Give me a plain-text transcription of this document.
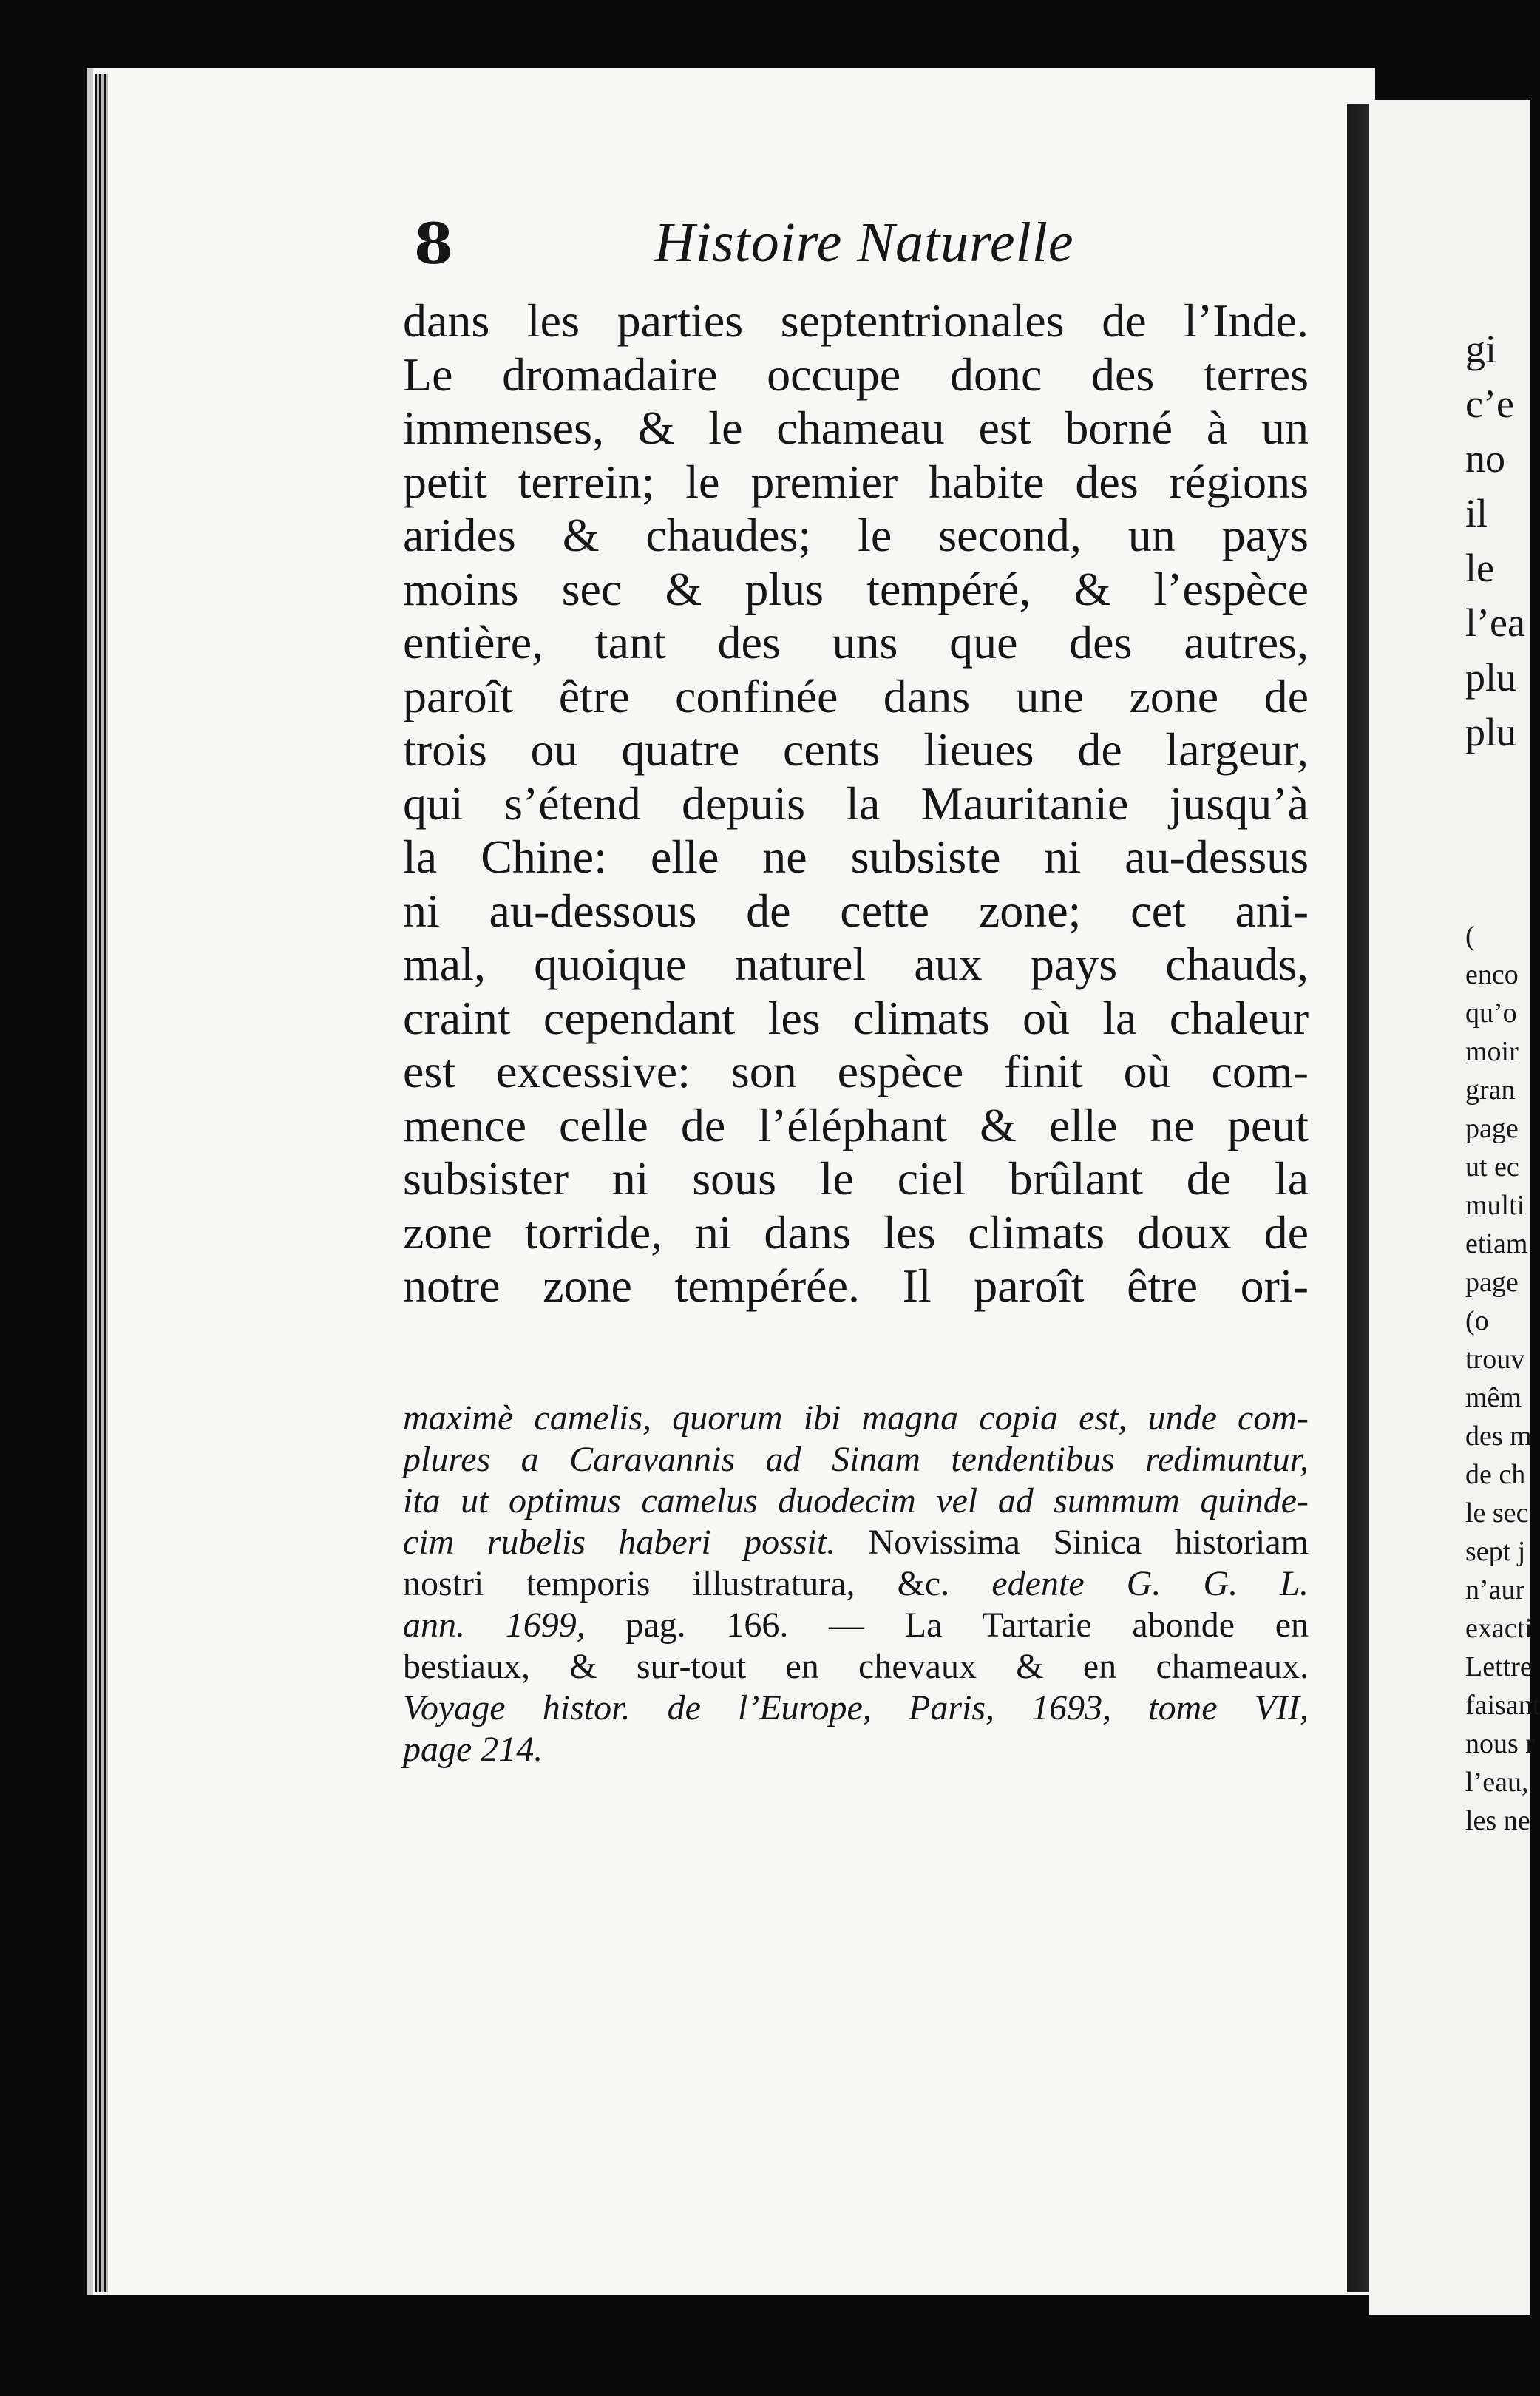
8	Histoire Naturelle
dans les parties septentrionales de l’Inde.
Le dromadaire occupe donc des terres
immenses, & le chameau est borné à un
petit terrein; le premier habite des régions
arides & chaudes; le second, un pays
moins sec & plus tempéré, & l’espèce
entière, tant des uns que des autres,
paroît être confinée dans une zone de
trois ou quatre cents lieues de largeur,
qui s’étend depuis la Mauritanie jusqu’à
la Chine: elle ne subsiste ni au-dessus
ni au-dessous de cette zone; cet ani-
mal, quoique naturel aux pays chauds,
craint cependant les climats où la chaleur
est excessive: son espèce finit où com-
mence celle de l’éléphant & elle ne peut
subsister ni sous le ciel brûlant de la
zone torride, ni dans les climats doux de
notre zone tempérée. Il paroît être ori-
maximè camelis, quorum ibi magna copia est, unde com-
plures a Caravannis ad Sinam tendentibus redimuntur,
ita ut optimus camelus duodecim vel ad summum quinde-
cim rubelis haberi possit. Novissima Sinica historiam
nostri temporis illustratura, &c. edente G. G. L.
ann. 1699, pag. 166. — La Tartarie abonde en
bestiaux, & sur-tout en chevaux & en chameaux.
Voyage histor. de l’Europe, Paris, 1693, tome VII,
page 214.
gi
c’e
no
il
le
l’ea
plu
plu
(
enco
qu’o
moir
gran
page
ut ec
multi
etiam
page
(o
trouv
mêm
des m
de ch
le sec
sept j
n’aur
exacti
Lettre
faisant
nous r
l’eau,
les ne
